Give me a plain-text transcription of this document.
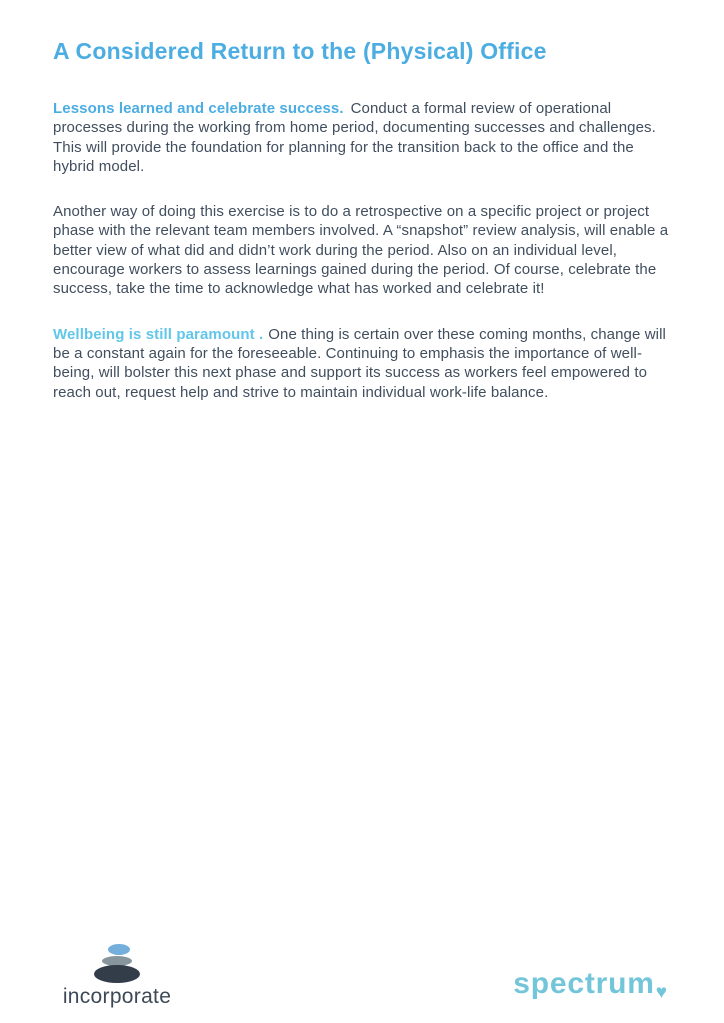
A Considered Return to the (Physical) Office

Lessons learned and celebrate success. Conduct a formal review of operational processes during the working from home period, documenting successes and challenges. This will provide the foundation for planning for the transition back to the office and the hybrid model.

Another way of doing this exercise is to do a retrospective on a specific project or project phase with the relevant team members involved. A “snapshot” review analysis, will enable a better view of what did and didn’t work during the period. Also on an individual level, encourage workers to assess learnings gained during the period. Of course, celebrate the success, take the time to acknowledge what has worked and celebrate it!

Wellbeing is still paramount . One thing is certain over these coming months, change will be a constant again for the foreseeable. Continuing to emphasis the importance of well-being, will bolster this next phase and support its success as workers feel empowered to reach out, request help and strive to maintain individual work-life balance.

incorporate	spectrum♥
